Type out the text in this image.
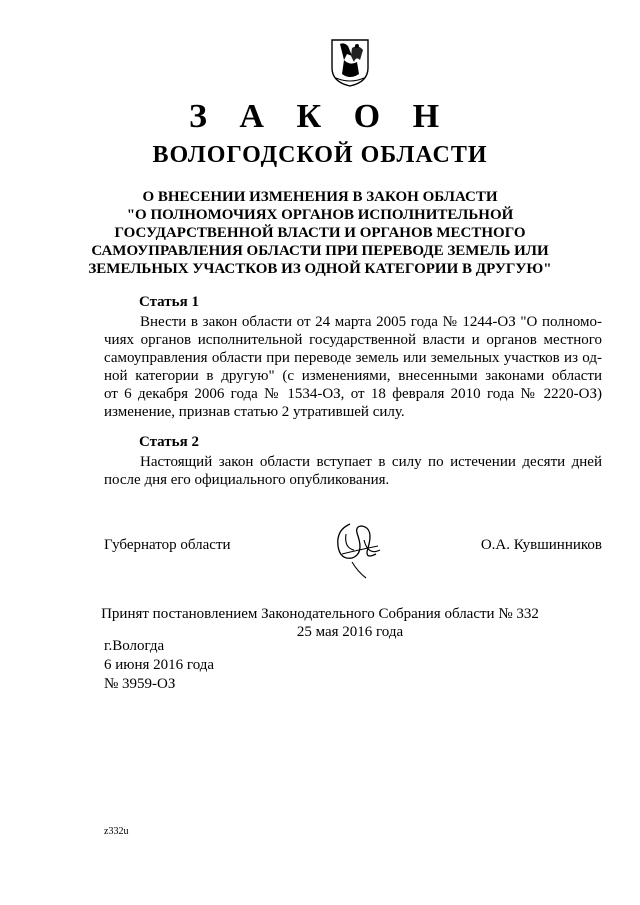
З А К О Н
ВОЛОГОДСКОЙ ОБЛАСТИ
О ВНЕСЕНИИ ИЗМЕНЕНИЯ В ЗАКОН ОБЛАСТИ
"О ПОЛНОМОЧИЯХ ОРГАНОВ ИСПОЛНИТЕЛЬНОЙ
ГОСУДАРСТВЕННОЙ ВЛАСТИ И ОРГАНОВ МЕСТНОГО
САМОУПРАВЛЕНИЯ ОБЛАСТИ ПРИ ПЕРЕВОДЕ ЗЕМЕЛЬ ИЛИ
ЗЕМЕЛЬНЫХ УЧАСТКОВ ИЗ ОДНОЙ КАТЕГОРИИ В ДРУГУЮ"
Статья 1
Внести в закон области от 24 марта 2005 года № 1244-ОЗ "О полномо-
чиях органов исполнительной государственной власти и органов местного
самоуправления области при переводе земель или земельных участков из од-
ной категории в другую" (с изменениями, внесенными законами области
от 6 декабря 2006 года № 1534-ОЗ, от 18 февраля 2010 года № 2220-ОЗ)
изменение, признав статью 2 утратившей силу.
Статья 2
Настоящий закон области вступает в силу по истечении десяти дней
после дня его официального опубликования.
Губернатор области	О.А. Кувшинников
Принят постановлением Законодательного Собрания области № 332
25 мая 2016 года
г.Вологда
6 июня 2016 года
№ 3959-ОЗ
z332u
